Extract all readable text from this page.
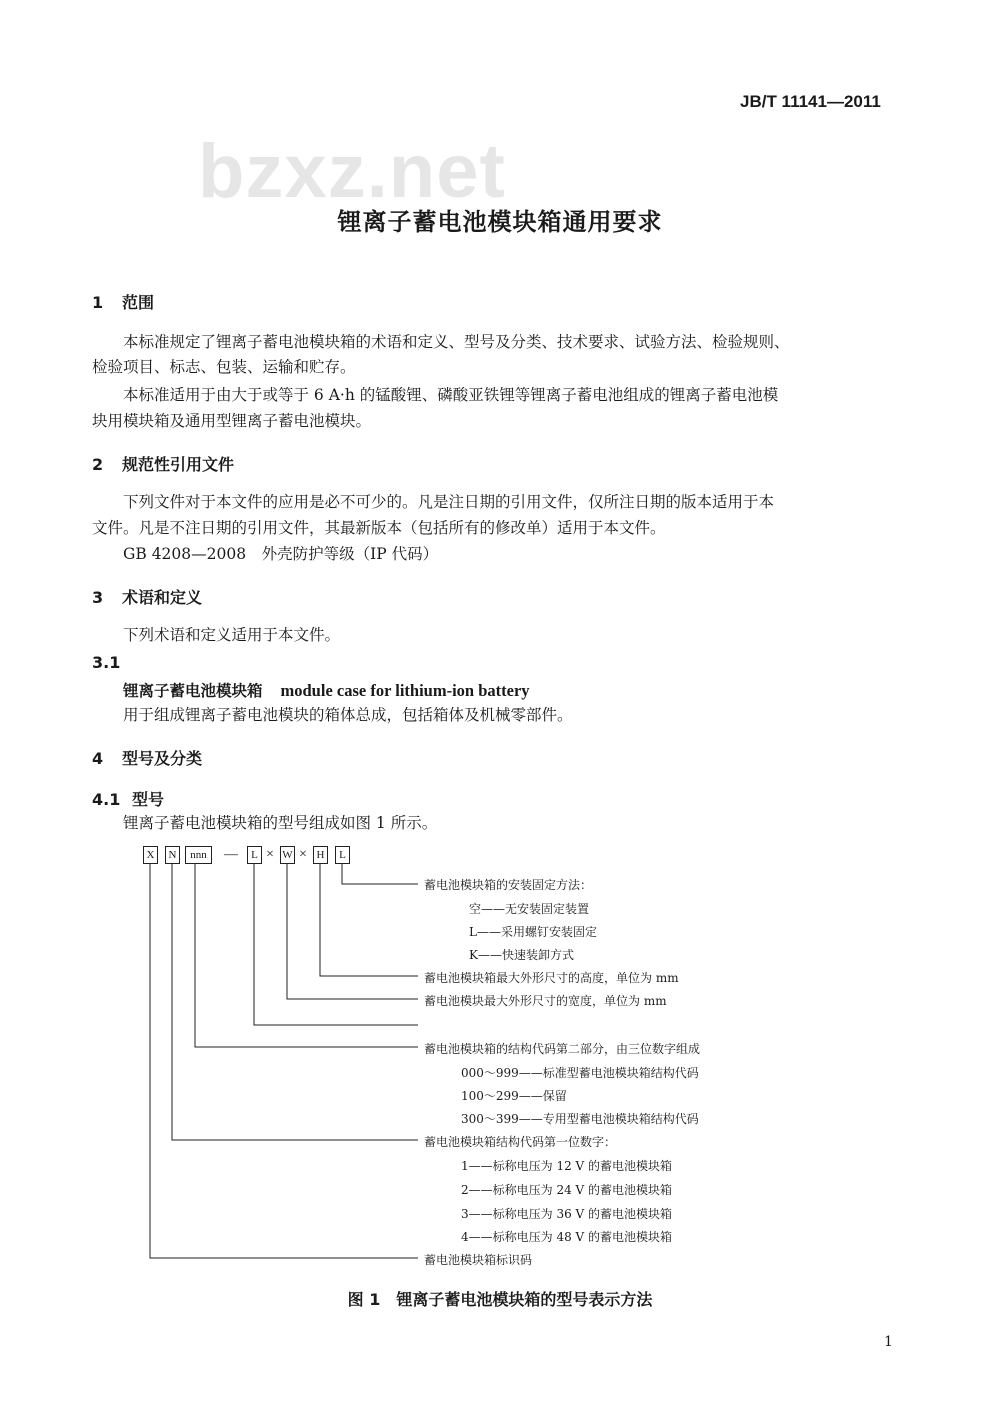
JB/T 11141—2011
bzxz.net
锂离子蓄电池模块箱通用要求
1 范围
本标准规定了锂离子蓄电池模块箱的术语和定义、型号及分类、技术要求、试验方法、检验规则、
检验项目、标志、包装、运输和贮存。
本标准适用于由大于或等于 6 A·h 的锰酸锂、磷酸亚铁锂等锂离子蓄电池组成的锂离子蓄电池模
块用模块箱及通用型锂离子蓄电池模块。
2 规范性引用文件
下列文件对于本文件的应用是必不可少的。凡是注日期的引用文件，仅所注日期的版本适用于本
文件。凡是不注日期的引用文件，其最新版本（包括所有的修改单）适用于本文件。
GB 4208—2008　外壳防护等级（IP 代码）
3 术语和定义
下列术语和定义适用于本文件。
3.1
锂离子蓄电池模块箱 module case for lithium-ion battery
用于组成锂离子蓄电池模块的箱体总成，包括箱体及机械零部件。
4 型号及分类
4.1 型号
锂离子蓄电池模块箱的型号组成如图 1 所示。
X	N	nnn	—	L × W × H	L
蓄电池模块箱的安装固定方法：
空——无安装固定装置
L——采用螺钉安装固定
K——快速装卸方式
蓄电池模块箱最大外形尺寸的高度，单位为 mm
蓄电池模块最大外形尺寸的宽度，单位为 mm
蓄电池模块箱的结构代码第二部分，由三位数字组成
000～999——标准型蓄电池模块箱结构代码
100～299——保留
300～399——专用型蓄电池模块箱结构代码
蓄电池模块箱结构代码第一位数字：
1——标称电压为 12 V 的蓄电池模块箱
2——标称电压为 24 V 的蓄电池模块箱
3——标称电压为 36 V 的蓄电池模块箱
4——标称电压为 48 V 的蓄电池模块箱
蓄电池模块箱标识码
图 1　锂离子蓄电池模块箱的型号表示方法
1
